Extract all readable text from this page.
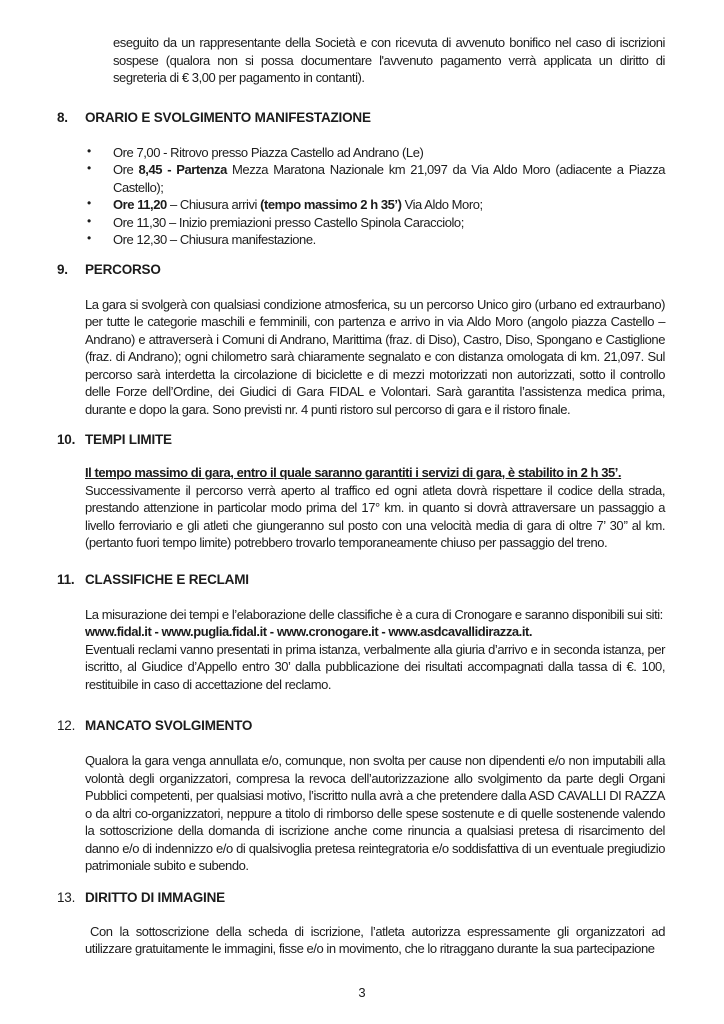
eseguito da un rappresentante della Società e con ricevuta di avvenuto bonifico nel caso di iscrizioni sospese (qualora non si possa documentare l'avvenuto pagamento verrà applicata un diritto di segreteria di € 3,00 per pagamento in contanti).

8.	ORARIO E SVOLGIMENTO MANIFESTAZIONE
• Ore 7,00 - Ritrovo presso Piazza Castello ad Andrano (Le)
• Ore 8,45 - Partenza Mezza Maratona Nazionale km 21,097 da Via Aldo Moro (adiacente a Piazza Castello);
• Ore 11,20 – Chiusura arrivi (tempo massimo 2 h 35’) Via Aldo Moro;
• Ore 11,30 – Inizio premiazioni presso Castello Spinola Caracciolo;
• Ore 12,30 – Chiusura manifestazione.
9.	PERCORSO

La gara si svolgerà con qualsiasi condizione atmosferica, su un percorso Unico giro (urbano ed extraurbano) per tutte le categorie maschili e femminili, con partenza e arrivo in via Aldo Moro (angolo piazza Castello – Andrano) e attraverserà i Comuni di Andrano, Marittima (fraz. di Diso), Castro, Diso, Spongano e Castiglione (fraz. di Andrano); ogni chilometro sarà chiaramente segnalato e con distanza omologata di km. 21,097. Sul percorso sarà interdetta la circolazione di biciclette e di mezzi motorizzati non autorizzati, sotto il controllo delle Forze dell’Ordine, dei Giudici di Gara FIDAL e Volontari. Sarà garantita l’assistenza medica prima, durante e dopo la gara. Sono previsti nr. 4 punti ristoro sul percorso di gara e il ristoro finale.

10. TEMPI LIMITE

Il tempo massimo di gara, entro il quale saranno garantiti i servizi di gara, è stabilito in 2 h 35’.

Successivamente il percorso verrà aperto al traffico ed ogni atleta dovrà rispettare il codice della strada, prestando attenzione in particolar modo prima del 17° km. in quanto si dovrà attraversare un passaggio a livello ferroviario e gli atleti che giungeranno sul posto con una velocità media di gara di oltre 7’ 30’’ al km. (pertanto fuori tempo limite) potrebbero trovarlo temporaneamente chiuso per passaggio del treno.

11. CLASSIFICHE E RECLAMI

La misurazione dei tempi e l’elaborazione delle classifiche è a cura di Cronogare e saranno disponibili sui siti:

www.fidal.it - www.puglia.fidal.it - www.cronogare.it - www.asdcavallidirazza.it.

Eventuali reclami vanno presentati in prima istanza, verbalmente alla giuria d’arrivo e in seconda istanza, per iscritto, al Giudice d’Appello entro 30’ dalla pubblicazione dei risultati accompagnati dalla tassa di €. 100, restituibile in caso di accettazione del reclamo.

12. MANCATO SVOLGIMENTO

Qualora la gara venga annullata e/o, comunque, non svolta per cause non dipendenti e/o non imputabili alla volontà degli organizzatori, compresa la revoca dell’autorizzazione allo svolgimento da parte degli Organi Pubblici competenti, per qualsiasi motivo, l’iscritto nulla avrà a che pretendere dalla ASD CAVALLI DI RAZZA o da altri co-organizzatori, neppure a titolo di rimborso delle spese sostenute e di quelle sostenende valendo la sottoscrizione della domanda di iscrizione anche come rinuncia a qualsiasi pretesa di risarcimento del danno e/o di indennizzo e/o di qualsivoglia pretesa reintegratoria e/o soddisfattiva di un eventuale pregiudizio patrimoniale subito e subendo.

13. DIRITTO DI IMMAGINE

Con la sottoscrizione della scheda di iscrizione, l’atleta autorizza espressamente gli organizzatori ad utilizzare gratuitamente le immagini, fisse e/o in movimento, che lo ritraggano durante la sua partecipazione

3
